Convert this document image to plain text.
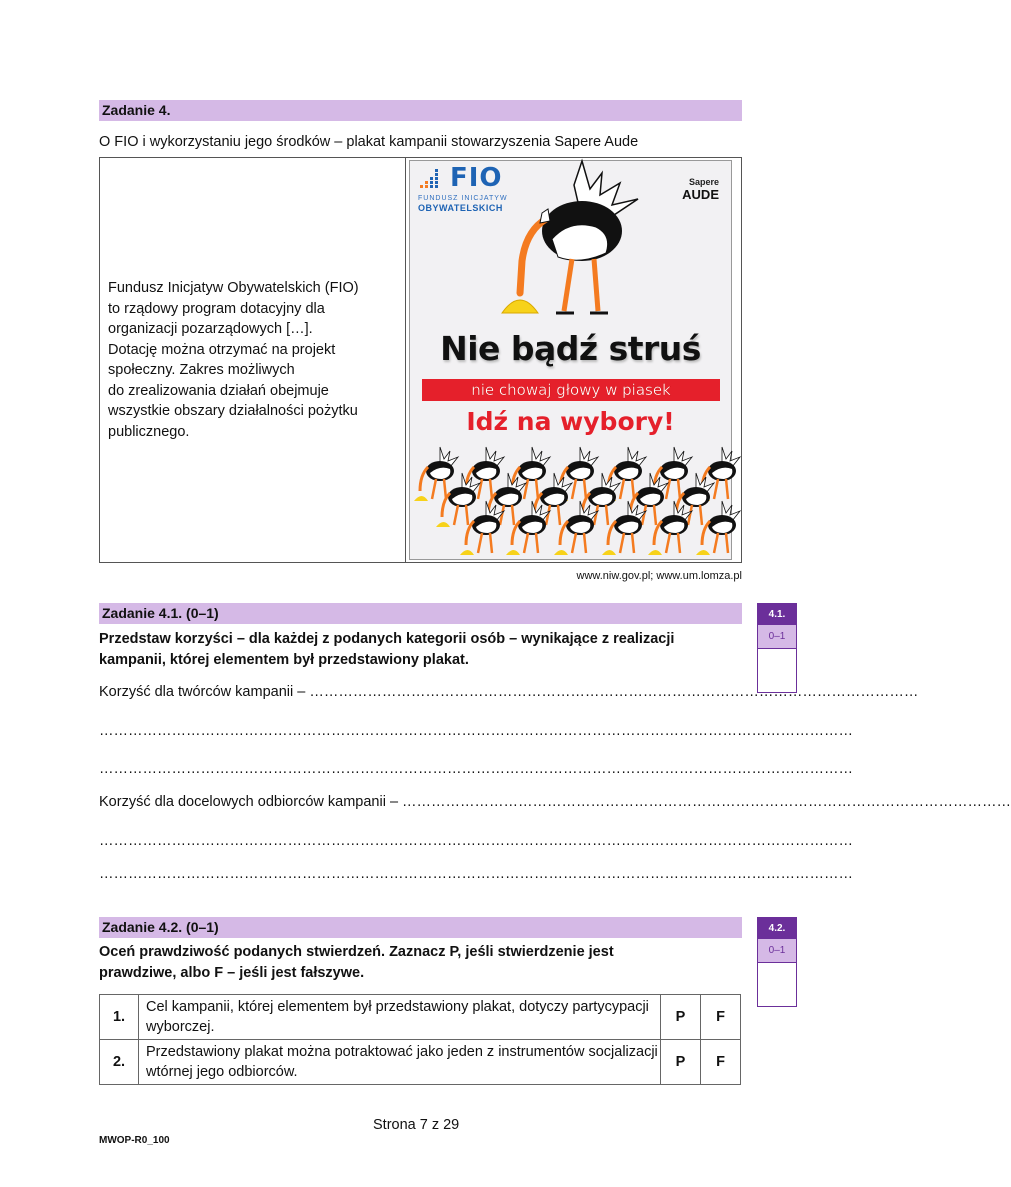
Zadanie 4.
O FIO i wykorzystaniu jego środków – plakat kampanii stowarzyszenia Sapere Aude
Fundusz Inicjatyw Obywatelskich (FIO)
to rządowy program dotacyjny dla
organizacji pozarządowych […].
Dotację można otrzymać na projekt
społeczny. Zakres możliwych
do zrealizowania działań obejmuje
wszystkie obszary działalności pożytku
publicznego.
FIO
FUNDUSZ INICJATYW
OBYWATELSKICH
Sapere
AUDE
Nie bądź struś
nie chowaj głowy w piasek
Idź na wybory!
www.niw.gov.pl; www.um.lomza.pl
Zadanie 4.1. (0–1)	4.1.
0–1
Przedstaw korzyści – dla każdej z podanych kategorii osób – wynikające z realizacji kampanii, której elementem był przedstawiony plakat.
Korzyść dla twórców kampanii – ………………………………………………………………………………………………………………
…………………………………………………………………………………………………………………………………………
…………………………………………………………………………………………………………………………………………
Korzyść dla docelowych odbiorców kampanii – ………………………………………………………………………………………………………………
…………………………………………………………………………………………………………………………………………
…………………………………………………………………………………………………………………………………………
Zadanie 4.2. (0–1)	4.2.
0–1
Oceń prawdziwość podanych stwierdzeń. Zaznacz P, jeśli stwierdzenie jest prawdziwe, albo F – jeśli jest fałszywe.
1.	Cel kampanii, której elementem był przedstawiony plakat, dotyczy partycypacji wyborczej.	P	F
2.	Przedstawiony plakat można potraktować jako jeden z instrumentów socjalizacji wtórnej jego odbiorców.	P	F
Strona 7 z 29
MWOP-R0_100
